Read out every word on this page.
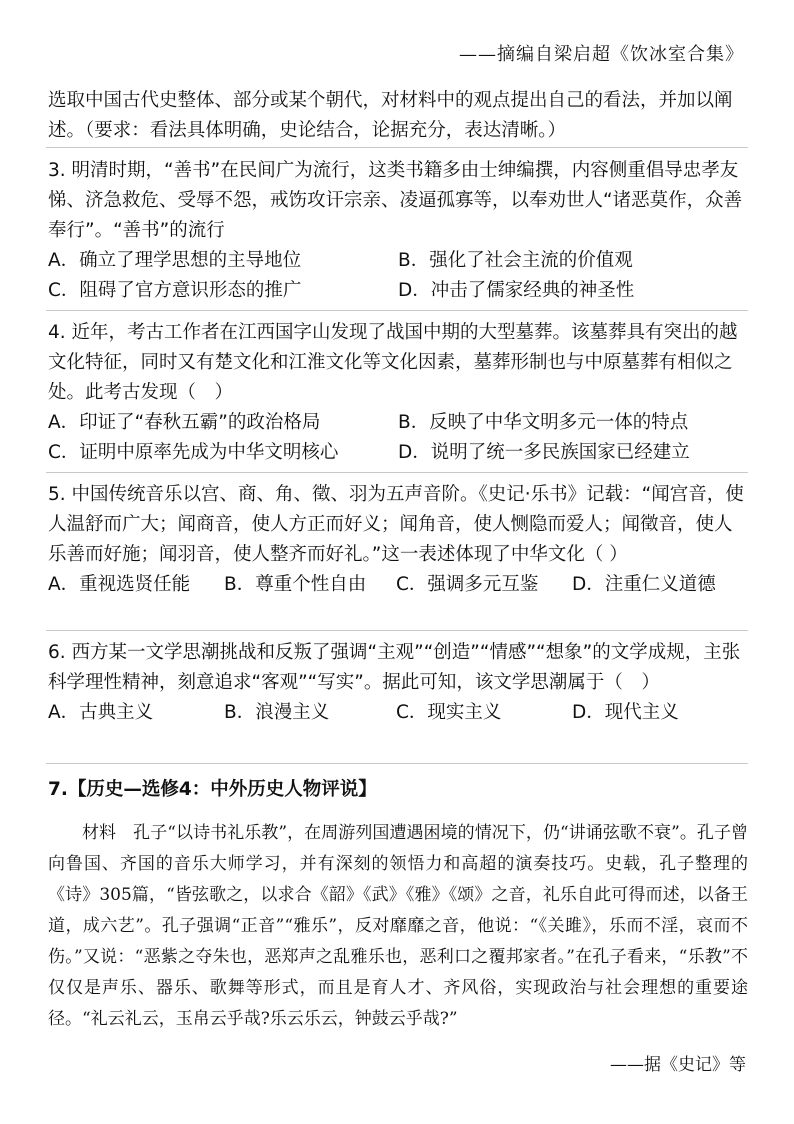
——摘编自梁启超《饮冰室合集》

选取中国古代史整体、部分或某个朝代，对材料中的观点提出自己的看法，并加以阐述。（要求：看法具体明确，史论结合，论据充分，表达清晰。）

3. 明清时期，“善书”在民间广为流行，这类书籍多由士绅编撰，内容侧重倡导忠孝友悌、济急救危、受辱不怨，戒饬攻讦宗亲、凌逼孤寡等，以奉劝世人“诸恶莫作，众善奉行”。“善书”的流行

A．确立了理学思想的主导地位	B．强化了社会主流的价值观
C．阻碍了官方意识形态的推广	D．冲击了儒家经典的神圣性

4. 近年，考古工作者在江西国字山发现了战国中期的大型墓葬。该墓葬具有突出的越文化特征，同时又有楚文化和江淮文化等文化因素，墓葬形制也与中原墓葬有相似之处。此考古发现（　）

A．印证了“春秋五霸”的政治格局	B．反映了中华文明多元一体的特点
C．证明中原率先成为中华文明核心	D．说明了统一多民族国家已经建立

5. 中国传统音乐以宫、商、角、徵、羽为五声音阶。《史记·乐书》记载：“闻宫音，使人温舒而广大；闻商音，使人方正而好义；闻角音，使人恻隐而爱人；闻徵音，使人乐善而好施；闻羽音，使人整齐而好礼。”这一表述体现了中华文化（ ）

A．重视选贤任能	B．尊重个性自由	C．强调多元互鉴	D．注重仁义道德

6. 西方某一文学思潮挑战和反叛了强调“主观”“创造”“情感”“想象”的文学成规，主张科学理性精神，刻意追求“客观”“写实”。据此可知，该文学思潮属于（　）

A．古典主义	B．浪漫主义	C．现实主义	D．现代主义
7.【历史—选修4：中外历史人物评说】

材料　孔子“以诗书礼乐教”，在周游列国遭遇困境的情况下，仍“讲诵弦歌不衰”。孔子曾向鲁国、齐国的音乐大师学习，并有深刻的领悟力和高超的演奏技巧。史载，孔子整理的《诗》305篇，“皆弦歌之，以求合《韶》《武》《雅》《颂》之音，礼乐自此可得而述，以备王道，成六艺”。孔子强调“正音”“雅乐”，反对靡靡之音，他说：“《关雎》，乐而不淫，哀而不伤。”又说：“恶紫之夺朱也，恶郑声之乱雅乐也，恶利口之覆邦家者。”在孔子看来，“乐教”不仅仅是声乐、器乐、歌舞等形式，而且是育人才、齐风俗，实现政治与社会理想的重要途径。“礼云礼云，玉帛云乎哉?乐云乐云，钟鼓云乎哉?”

——据《史记》等
